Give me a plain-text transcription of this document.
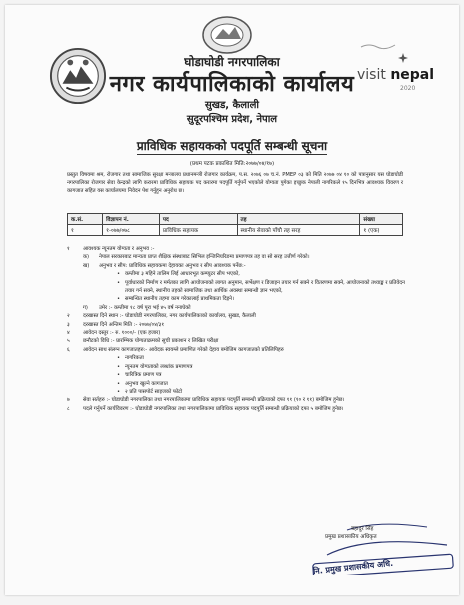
visit nepal
2020
घोडाघोडी नगरपालिका
नगर कार्यपालिकाको कार्यालय
सुखड, कैलाली
सुदूरपश्चिम प्रदेश, नेपाल
प्राविधिक सहायकको पदपूर्ति सम्बन्धी सूचना
(प्रथम पटक प्रकाशित मिति:२०७७/०४/१७)
प्रस्तुत विषयमा श्रम, रोजगार तथा सामाजिक सुरक्षा मन्त्रालय प्रधानमन्त्री रोजगार कार्यक्रम, प.स. २०७६ ०७ च.नं. PMEP ०३ को मिति २०७७ ०४ १० को पत्रानुसार यस घोडाघोडी नगरपालिका रोजगार सेवा केन्द्रको लागि करारमा प्राविधिक सहायक पद करारमा पदपूर्ति गर्नुपर्ने भएकोले योग्यता पुगेका इच्छुक नेपाली नागरिकले १५ दिनभित्र आवश्यक विवरण र कागजात सहित यस कार्यालयमा निवेदन पेश गर्नुहुन अनुरोध छ।
क.सं.	विज्ञापन नं.	पद	तह	संख्या
१	१-०७७/०७८	प्राविधिक सहायक	स्थानीय सेवाको पाँचौ तह सरह	१ (एक)
१	आवश्यक न्यूनतम योग्यता र अनुभव :-
क)	नेपाल सरकारबाट मान्यता प्राप्त शैक्षिक संस्थाबाट सिभिल इन्जिनियरिङमा प्रमाणपत्र तह वा सो सरह उत्तीर्ण गरेको।
ख)	अनुभव र सीप: प्राविधिक सहायकमा देहायका अनुभव र सीप आवश्यक पर्नेछ:-
• कम्तीमा ३ महिने तालिम लिई आधारभूत कम्प्युटर सीप भएको,
• पूर्वाधारको निर्माण र मर्मतका लागि आयोजनाको लागत अनुमान, सर्भेक्षण र डिजाइन तयार गर्न सक्ने र वितरणमा सक्ने, आयोजनाको तथ्याङ्क र प्रतिवेदन तयार गर्न सक्ने, स्थानीय तहको सामाजिक तथा आर्थिक अवस्था सम्बन्धी ज्ञान भएको,
• सम्बन्धित स्थानीय तहमा काम गरेकालाई प्राथमिकता दिइने।
ग)	उमेर :- कम्तीमा १८ वर्ष पूरा भई ४५ वर्ष ननाघेको
२	दरखास्त दिने स्थान :- घोडाघोडी नगरपालिका, नगर कार्यपालिकाको कार्यालय, सुखड, कैलाली
३	दरखास्त दिने अन्तिम मिति :- २०७७/०४/३१
४	आवेदन दस्तुर :- रु. १०००/- (एक हजार)
५	छनौटको विधि :- प्रारम्भिक योग्यताक्रमको सूची प्रकाशन र लिखित परीक्षा
६	आवेदन साथ संलग्न कागजातहरु:- आवेदक स्वयम्ले प्रमाणित गरेको देहाय बमोजिम कागजातको प्रतिलिपिहरु
• नागरिकता
• न्यूनतम योग्यताको लब्धांक प्रमाणपत्र
• चारित्रिक प्रमाण पत्र
• अनुभव खुल्ने कागजात
• २ प्रति पासपोर्ट साइजको फोटो
७	सेवा सर्तहरु :- घोडाघोडी नगरपालिका तथा नगरपालिकामा प्राविधिक सहायक पदपूर्ति सम्बन्धी प्रक्रियाको दफा ११ (१० र ११) बमोजिम हुनेछ।
८	पदले गर्नुपर्ने कार्यविवरण :- घोडाघोडी नगरपालिका तथा नगरपालिकामा प्राविधिक सहायक पदपूर्ति सम्बन्धी प्रक्रियाको दफा ५ बमोजिम हुनेछ।
बहादुर सिंह
प्रमुख प्रशासकीय अधिकृत
नि. प्रमुख प्रशासकीय अधि.
